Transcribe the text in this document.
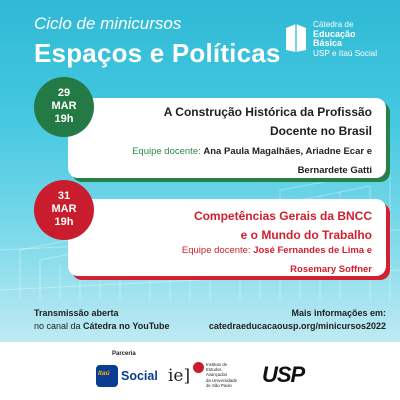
Ciclo de minicursos
Espaços e Políticas
Cátedra de
Educação
Básica
USP e Itaú Social
A Construção Histórica da Profissão
Docente no Brasil
Equipe docente: Ana Paula Magalhães, Ariadne Ecar e
Bernardete Gatti
29
MAR
19h
Competências Gerais da BNCC
e o Mundo do Trabalho
Equipe docente: José Fernandes de Lima e
Rosemary Soffner
31
MAR
19h
Transmissão aberta
no canal da Cátedra no YouTube
Mais informações em:
catedraeducacaousp.org/minicursos2022
Parceria
Itaú Social ie]
Instituto de
Estudos
Avançados
da Universidade
de São Paulo USP
